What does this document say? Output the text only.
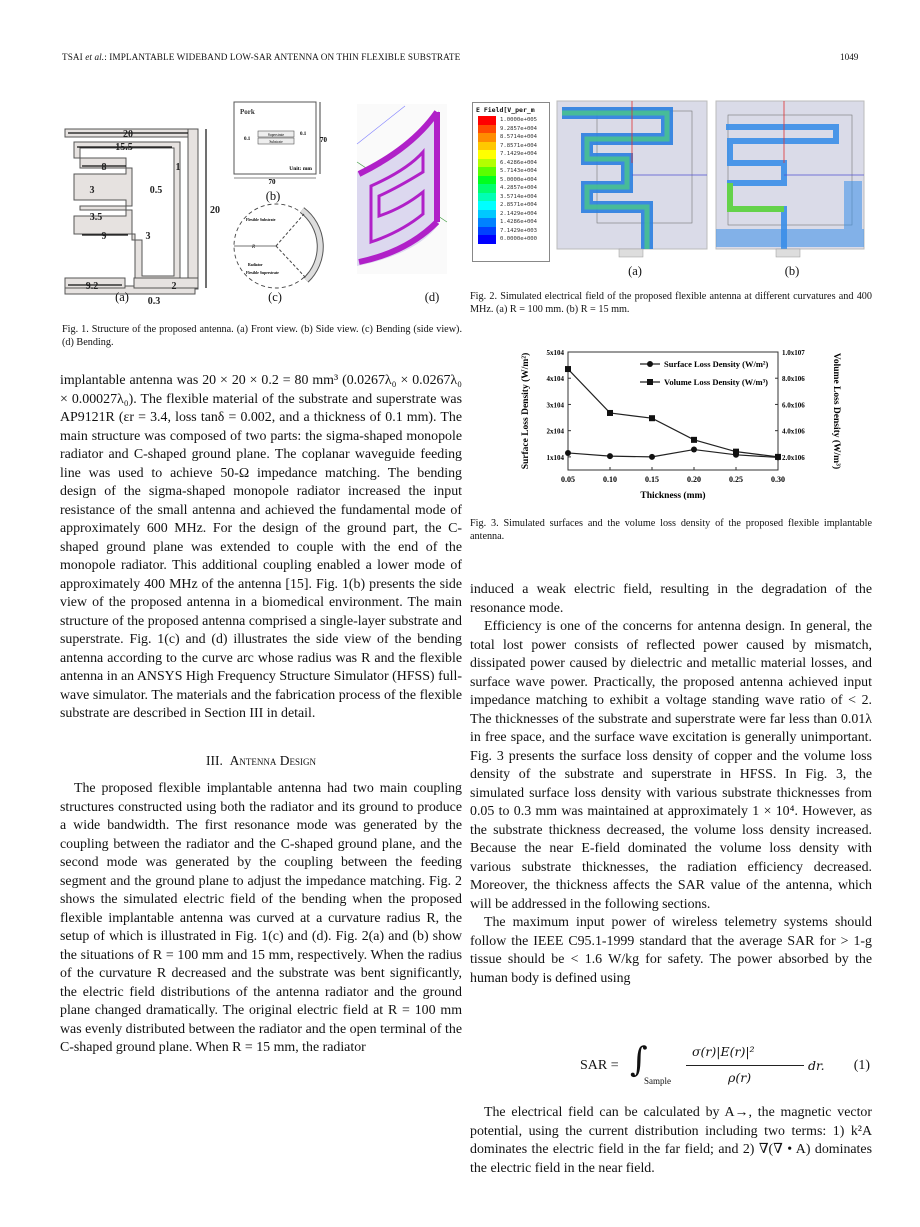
TSAI et al.: IMPLANTABLE WIDEBAND LOW-SAR ANTENNA ON THIN FLEXIBLE SUBSTRATE	1049
20
15.5
8	1
3	0.5
3.5
9	3
9.2	2
0.3
20
(a)
Pork
Superstrate
Substrate
0.1
0.1
70
70
Unit: mm
(b)
R
Flexible Substrate
Radiator
Flexible Superstrate
(c)	(d)
Fig. 1. Structure of the proposed antenna. (a) Front view. (b) Side view. (c) Bending (side view). (d) Bending.
E Field[V_per_m
1.0000e+005
9.2857e+004
8.5714e+004
7.8571e+004
7.1429e+004
6.4286e+004
5.7143e+004
5.0000e+004
4.2857e+004
3.5714e+004
2.8571e+004
2.1429e+004
1.4286e+004
7.1429e+003
0.0000e+000
(a)	(b)
Fig. 2. Simulated electrical field of the proposed flexible antenna at different curvatures and 400 MHz. (a) R = 100 mm. (b) R = 15 mm.
0.05	0.10	0.15	0.20	0.25	0.30
1x104
2x104
3x104
4x104
5x104
2.0x106
4.0x106
6.0x106
8.0x106
1.0x107
Surface Loss Density (W/m²)
Volume Loss Density (W/m³)
Thickness (mm)
Surface Loss Density (W/m²)	Volume Loss Density (W/m³)
Fig. 3. Simulated surfaces and the volume loss density of the proposed flexible implantable antenna.

implantable antenna was 20 × 20 × 0.2 = 80 mm³ (0.0267λ₀ × 0.0267λ₀ × 0.00027λ₀). The flexible material of the substrate and superstrate was AP9121R (εr = 3.4, loss tanδ = 0.002, and a thickness of 0.1 mm). The main structure was composed of two parts: the sigma-shaped monopole radiator and C-shaped ground plane. The coplanar waveguide feeding line was used to achieve 50-Ω impedance matching. The bending design of the sigma-shaped monopole radiator increased the input resistance of the small antenna and achieved the fundamental mode of approximately 600 MHz. For the design of the ground part, the C-shaped ground plane was extended to couple with the end of the monopole radiator. This additional coupling enabled a lower mode of approximately 400 MHz of the antenna [15]. Fig. 1(b) presents the side view of the proposed antenna in a biomedical environment. The main structure of the proposed antenna comprised a single-layer substrate and superstrate. Fig. 1(c) and (d) illustrates the side view of the bending antenna according to the curve arc whose radius was R and the flexible antenna in an ANSYS High Frequency Structure Simulator (HFSS) full-wave simulator. The materials and the fabrication process of the flexible substrate are described in Section III in detail.

III. Antenna Design

The proposed flexible implantable antenna had two main coupling structures constructed using both the radiator and its ground to produce a wide bandwidth. The first resonance mode was generated by the coupling between the radiator and the C-shaped ground plane, and the second mode was generated by the coupling between the feeding segment and the ground plane to adjust the impedance matching. Fig. 2 shows the simulated electric field of the bending when the proposed flexible implantable antenna was curved at a curvature radius R, the setup of which is illustrated in Fig. 1(c) and (d). Fig. 2(a) and (b) show the situations of R = 100 mm and 15 mm, respectively. When the radius of the curvature R decreased and the substrate was bent significantly, the electric field distributions of the antenna radiator and the ground plane changed dramatically. The original electric field at R = 100 mm was evenly distributed between the radiator and the open terminal of the C-shaped ground plane. When R = 15 mm, the radiator

induced a weak electric field, resulting in the degradation of the resonance mode.

Efficiency is one of the concerns for antenna design. In general, the total lost power consists of reflected power caused by mismatch, dissipated power caused by dielectric and metallic material losses, and surface wave power. Practically, the proposed antenna achieved input impedance matching to exhibit a voltage standing wave ratio of < 2. The thicknesses of the substrate and superstrate were far less than 0.01λ in free space, and the surface wave excitation is generally unimportant. Fig. 3 presents the surface loss density of copper and the volume loss density of the substrate and superstrate in HFSS. In Fig. 3, the simulated surface loss density with various substrate thicknesses from 0.05 to 0.3 mm was maintained at approximately 1 × 10⁴. However, as the substrate thickness decreased, the volume loss density increased. Because the near E-field dominated the volume loss density with various substrate thicknesses, the radiation efficiency decreased. Moreover, the thickness affects the SAR value of the antenna, which will be addressed in the following sections.

The maximum input power of wireless telemetry systems should follow the IEEE C95.1-1999 standard that the average SAR for > 1-g tissue should be < 1.6 W/kg for safety. The power absorbed by the human body is defined using

SAR = ∫
Sample
σ(r)|E(r)|²
ρ(r)
dr. (1)

The electrical field can be calculated by A→, the magnetic vector potential, using the current distribution including two terms: 1) k²A dominates the electric field in the far field; and 2) ∇(∇ • A) dominates the electric field in the near field.
